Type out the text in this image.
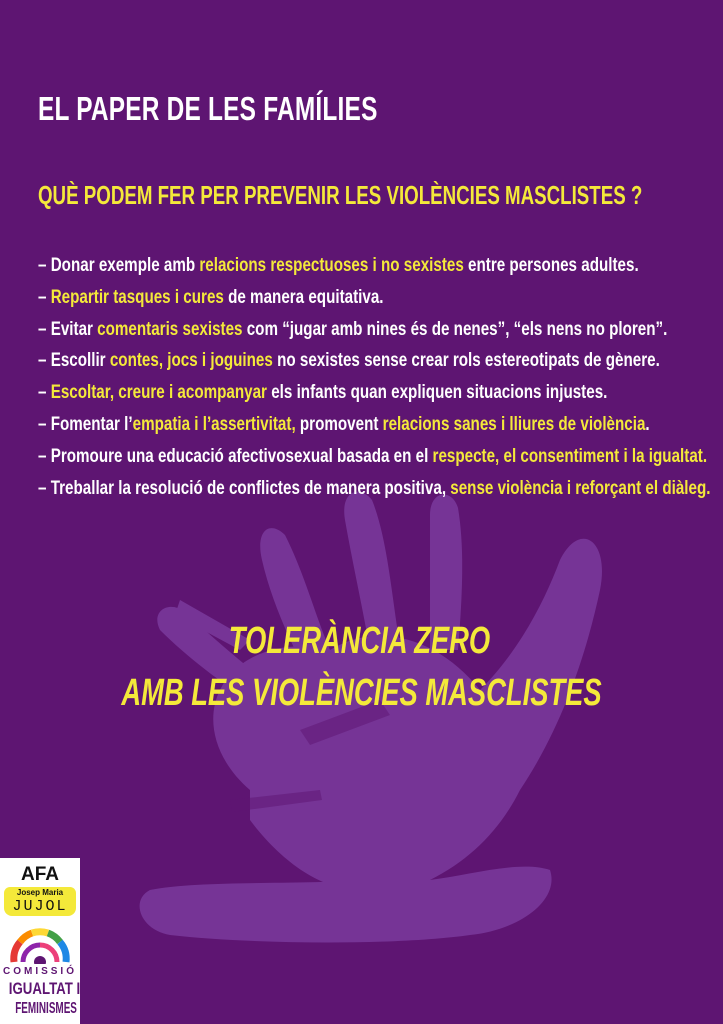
EL PAPER DE LES FAMÍLIES
QUÈ PODEM FER PER PREVENIR LES VIOLÈNCIES MASCLISTES ?
– Donar exemple amb relacions respectuoses i no sexistes entre persones adultes.
– Repartir tasques i cures de manera equitativa.
– Evitar comentaris sexistes com “jugar amb nines és de nenes”, “els nens no ploren”.
– Escollir contes, jocs i joguines no sexistes sense crear rols estereotipats de gènere.
– Escoltar, creure i acompanyar els infants quan expliquen situacions injustes.
– Fomentar l’empatia i l’assertivitat, promovent relacions sanes i lliures de violència.
– Promoure una educació afectivosexual basada en el respecte, el consentiment i la igualtat.
– Treballar la resolució de conflictes de manera positiva, sense violència i reforçant el diàleg.
TOLERÀNCIA ZERO
AMB LES VIOLÈNCIES MASCLISTES
AFA
Josep Maria
JUJOL
COMISSIÓ
IGUALTAT I
FEMINISMES
